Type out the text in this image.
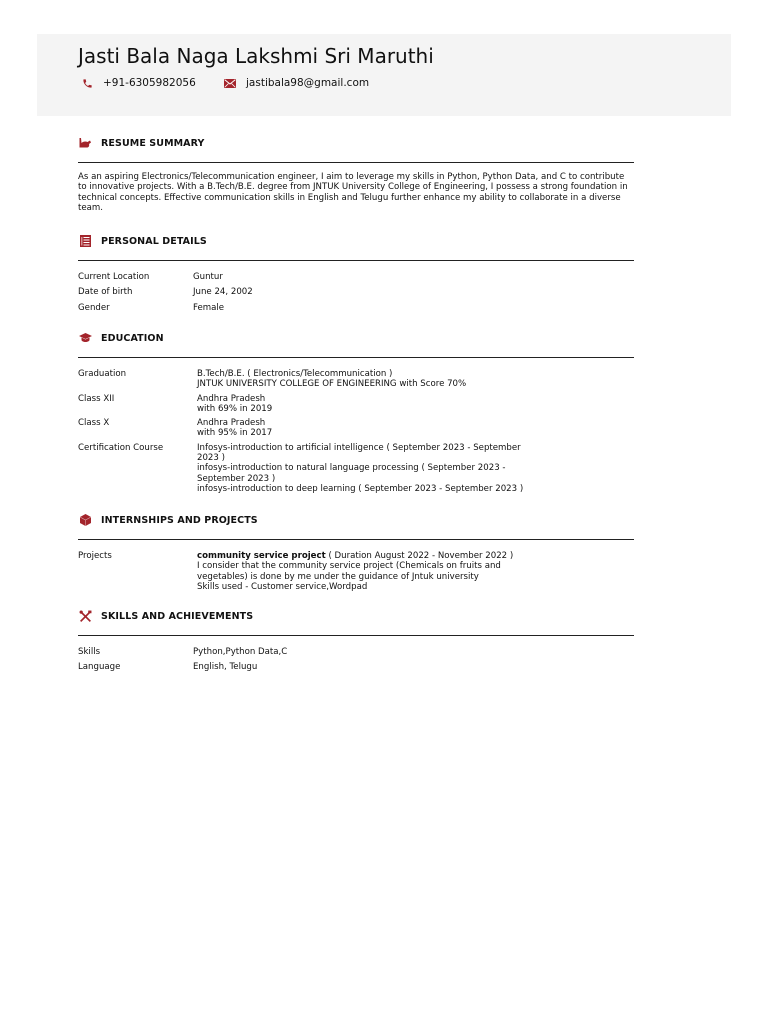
Jasti Bala Naga Lakshmi Sri Maruthi
+91-6305982056	jastibala98@gmail.com
RESUME SUMMARY
As an aspiring Electronics/Telecommunication engineer, I aim to leverage my skills in Python, Python Data, and C to contribute to innovative projects. With a B.Tech/B.E. degree from JNTUK University College of Engineering, I possess a strong foundation in technical concepts. Effective communication skills in English and Telugu further enhance my ability to collaborate in a diverse team.
PERSONAL DETAILS
Current Location	Guntur
Date of birth	June 24, 2002
Gender	Female
EDUCATION
Graduation	B.Tech/B.E. ( Electronics/Telecommunication )
JNTUK UNIVERSITY COLLEGE OF ENGINEERING with Score 70%
Class XII	Andhra Pradesh
with 69% in 2019
Class X	Andhra Pradesh
with 95% in 2017
Certification Course	Infosys-introduction to artificial intelligence ( September 2023 - September 2023 )
infosys-introduction to natural language processing ( September 2023 - September 2023 )
infosys-introduction to deep learning ( September 2023 - September 2023 )
INTERNSHIPS AND PROJECTS
Projects	community service project ( Duration August 2022 - November 2022 )
I consider that the community service project (Chemicals on fruits and vegetables) is done by me under the guidance of Jntuk university
Skills used - Customer service,Wordpad
SKILLS AND ACHIEVEMENTS
Skills	Python,Python Data,C
Language	English, Telugu
